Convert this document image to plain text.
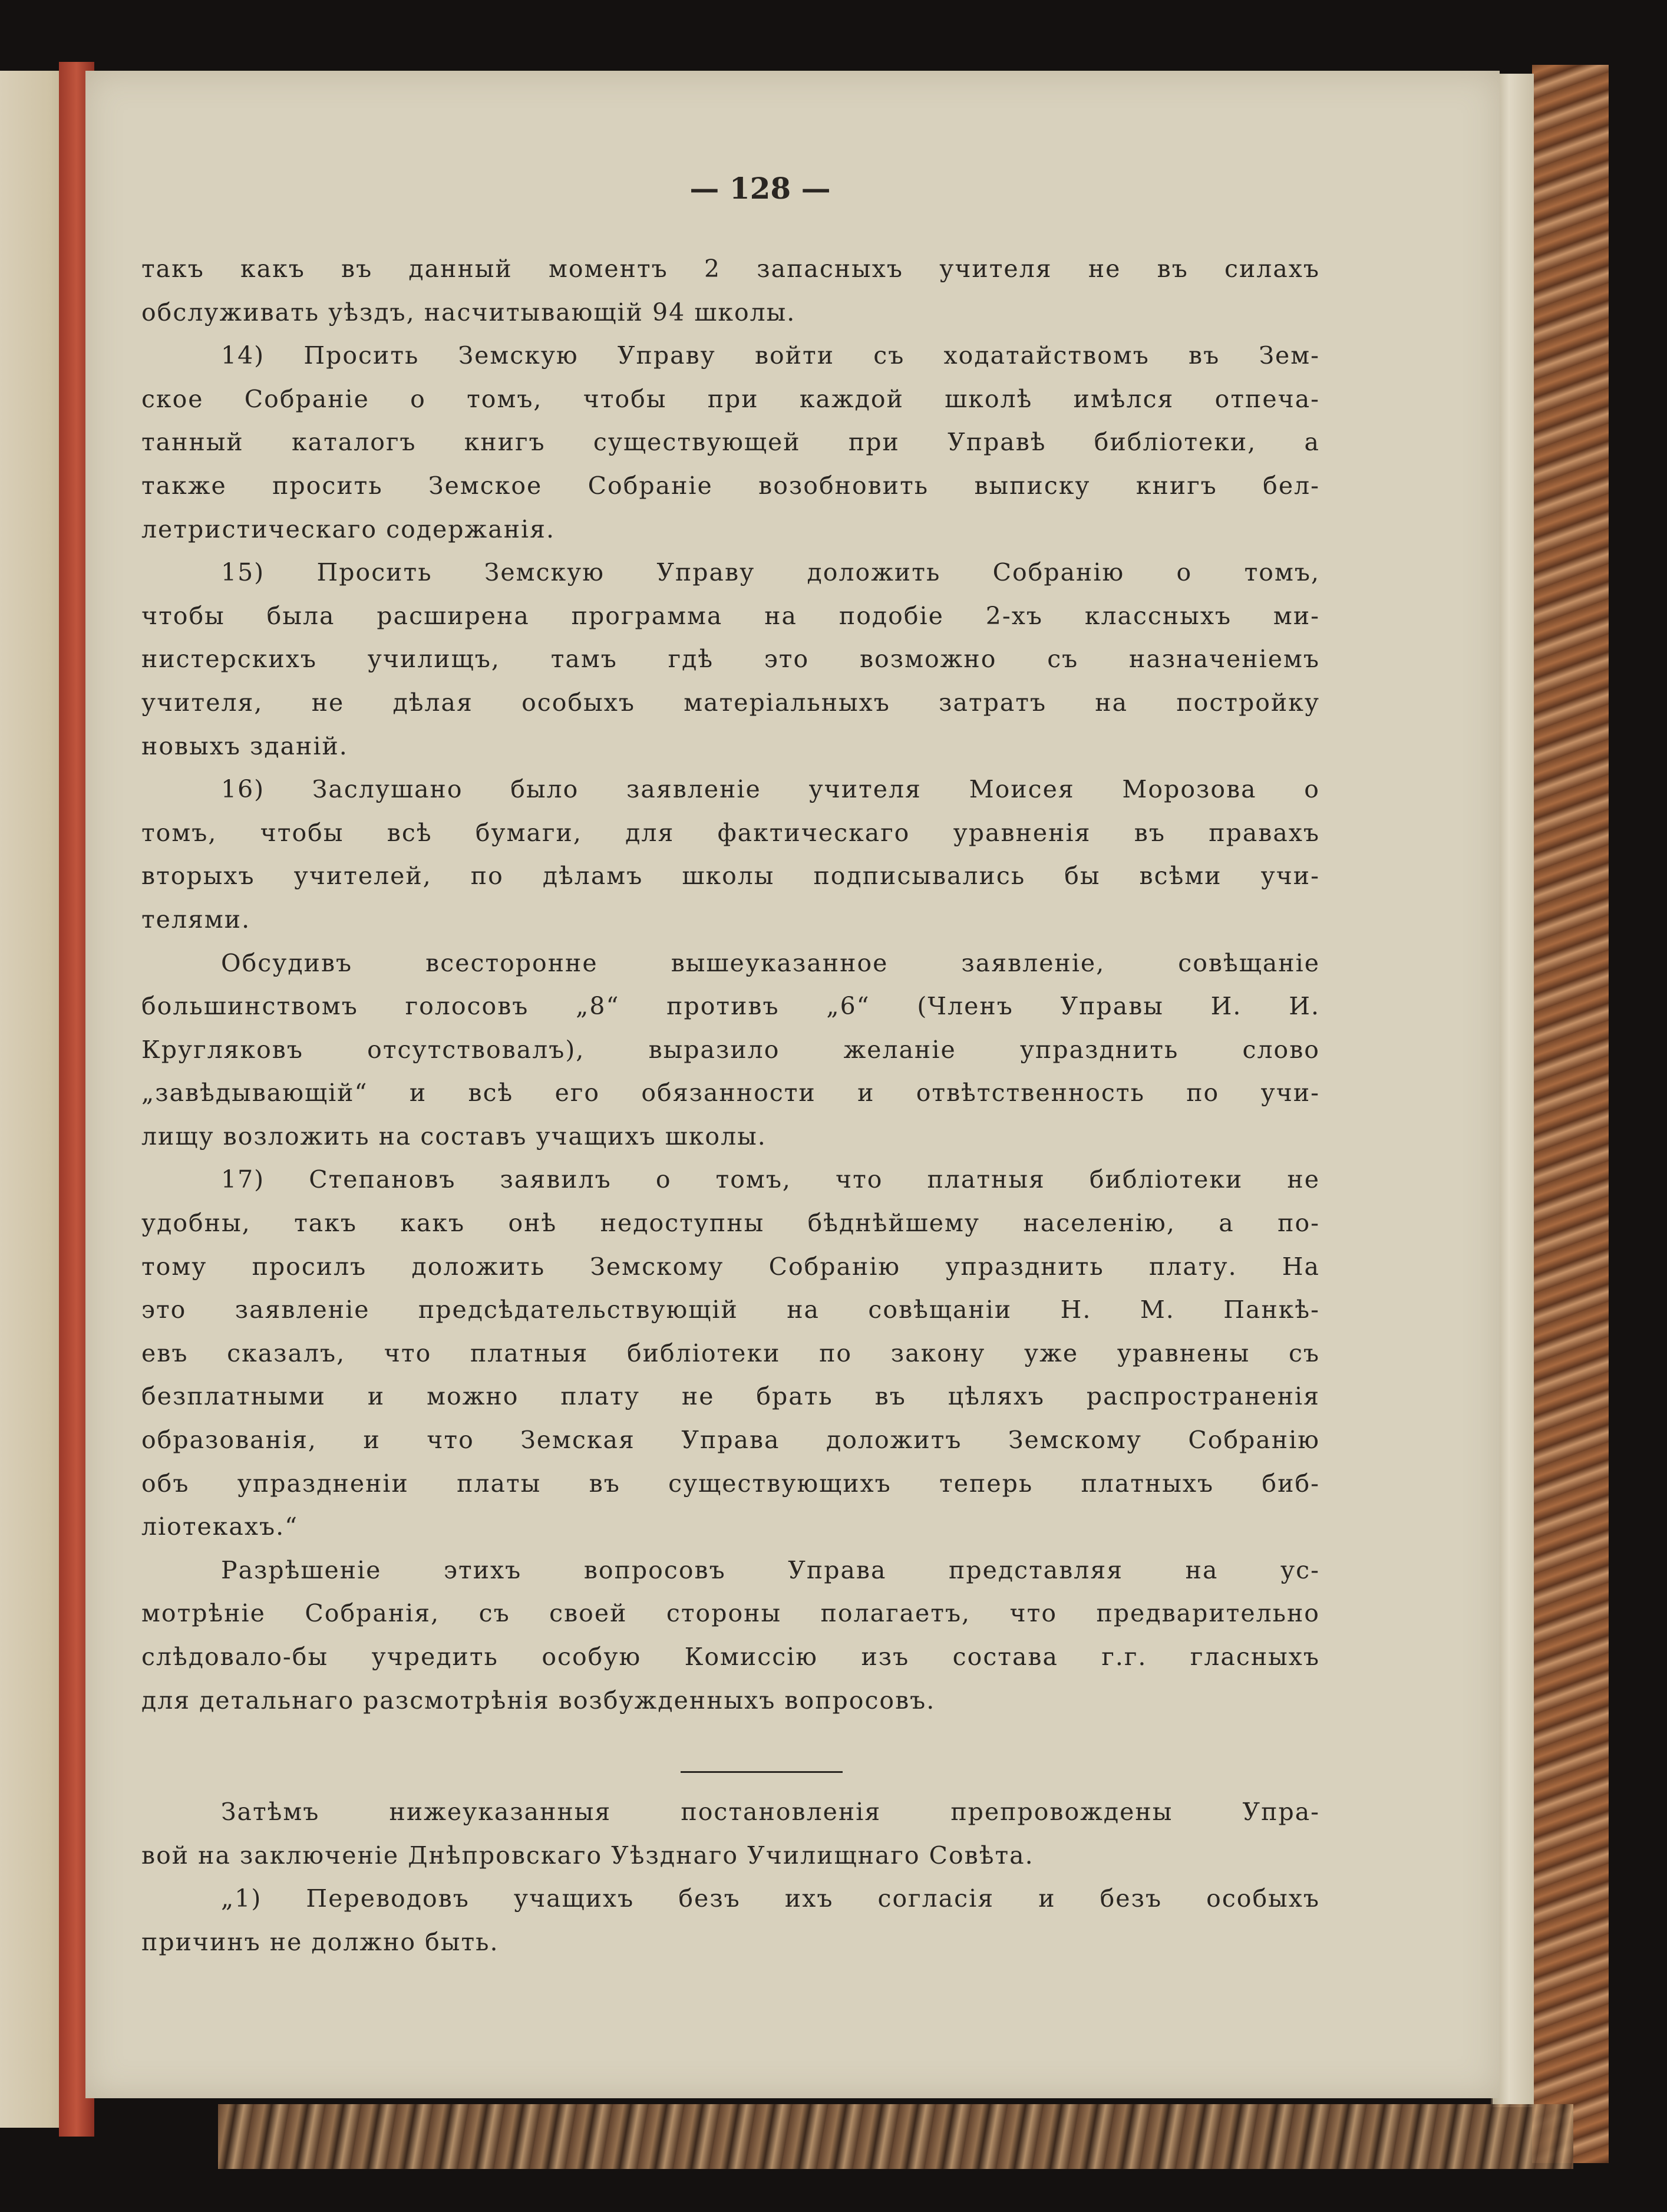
— 128 —
такъ какъ въ данный моментъ 2 запасныхъ учителя не въ силахъ
обслуживать уѣздъ, насчитывающій 94 школы.
14) Просить Земскую Управу войти съ ходатайствомъ въ Зем-
ское Собраніе о томъ, чтобы при каждой школѣ имѣлся отпеча-
танный каталогъ книгъ существующей при Управѣ библіотеки, а
также просить Земское Собраніе возобновить выписку книгъ бел-
летристическаго содержанія.
15) Просить Земскую Управу доложить Собранію о томъ,
чтобы была расширена программа на подобіе 2-хъ классныхъ ми-
нистерскихъ училищъ, тамъ гдѣ это возможно съ назначеніемъ
учителя, не дѣлая особыхъ матеріальныхъ затратъ на постройку
новыхъ зданій.
16) Заслушано было заявленіе учителя Моисея Морозова о
томъ, чтобы всѣ бумаги, для фактическаго уравненія въ правахъ
вторыхъ учителей, по дѣламъ школы подписывались бы всѣми учи-
телями.
Обсудивъ всесторонне вышеуказанное заявленіе, совѣщаніе
большинствомъ голосовъ „8“ противъ „6“ (Членъ Управы И. И.
Кругляковъ отсутствовалъ), выразило желаніе упразднить слово
„завѣдывающій“ и всѣ его обязанности и отвѣтственность по учи-
лищу возложить на составъ учащихъ школы.
17) Степановъ заявилъ о томъ, что платныя библіотеки не
удобны, такъ какъ онѣ недоступны бѣднѣйшему населенію, а по-
тому просилъ доложить Земскому Собранію упразднить плату. На
это заявленіе предсѣдательствующій на совѣщаніи Н. М. Панкѣ-
евъ сказалъ, что платныя библіотеки по закону уже уравнены съ
безплатными и можно плату не брать въ цѣляхъ распространенія
образованія, и что Земская Управа доложитъ Земскому Собранію
объ упраздненіи платы въ существующихъ теперь платныхъ биб-
ліотекахъ.“
Разрѣшеніе этихъ вопросовъ Управа представляя на ус-
мотрѣніе Собранія, съ своей стороны полагаетъ, что предварительно
слѣдовало-бы учредить особую Комиссію изъ состава г.г. гласныхъ
для детальнаго разсмотрѣнія возбужденныхъ вопросовъ.
Затѣмъ нижеуказанныя постановленія препровождены Упра-
вой на заключеніе Днѣпровскаго Уѣзднаго Училищнаго Совѣта.
„1) Переводовъ учащихъ безъ ихъ согласія и безъ особыхъ
причинъ не должно быть.
